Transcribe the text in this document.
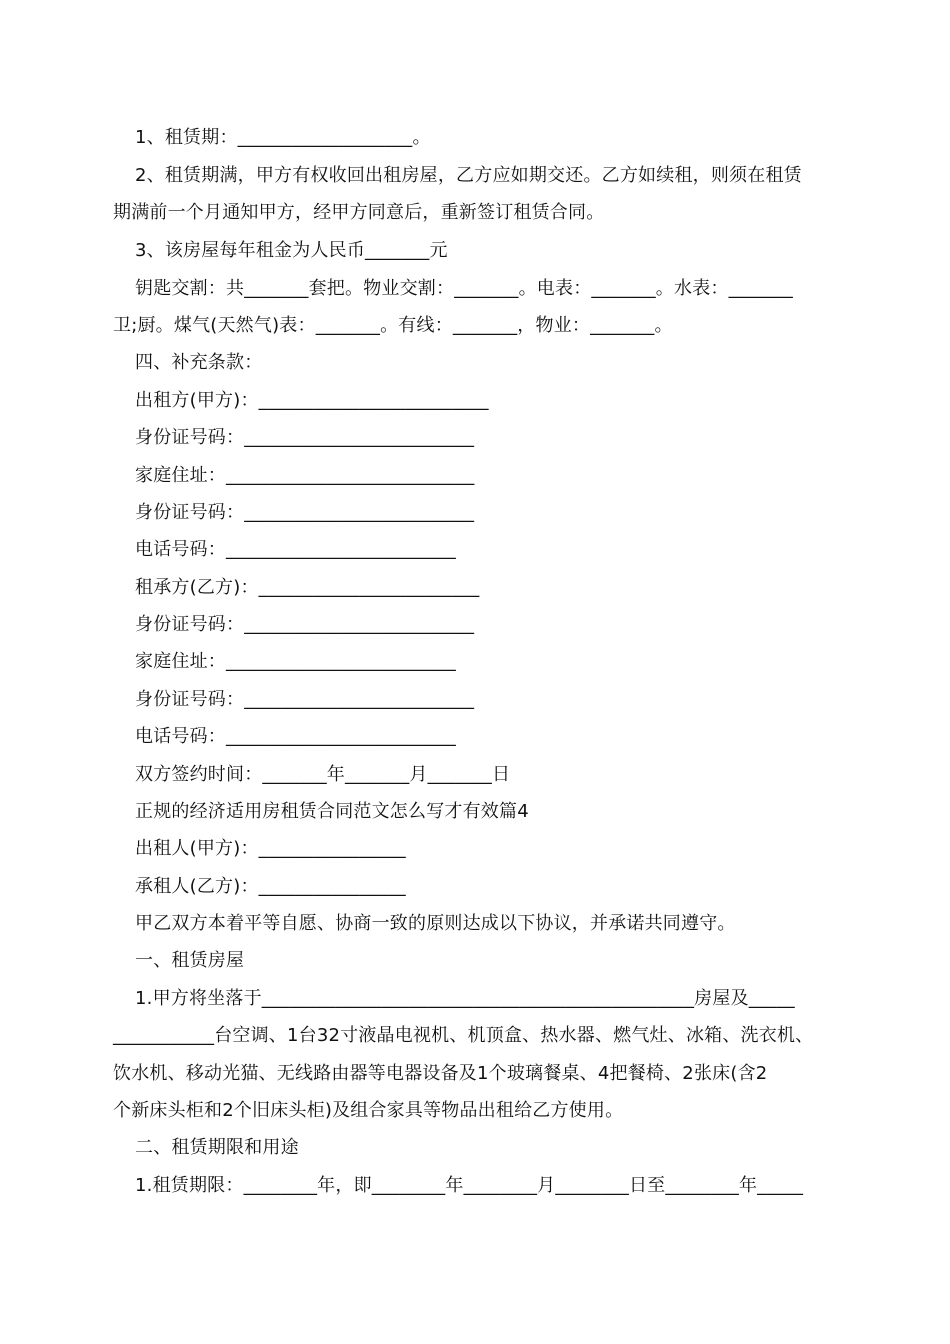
1、租赁期：___________________。
2、租赁期满，甲方有权收回出租房屋，乙方应如期交还。乙方如续租，则须在租赁
期满前一个月通知甲方，经甲方同意后，重新签订租赁合同。
3、该房屋每年租金为人民币_______元
钥匙交割：共_______套把。物业交割：_______。电表：_______。水表：_______
卫;厨。煤气(天然气)表：_______。有线：_______，物业：_______。
四、补充条款：
出租方(甲方)：_________________________
身份证号码：_________________________
家庭住址：___________________________
身份证号码：_________________________
电话号码：_________________________
租承方(乙方)：________________________
身份证号码：_________________________
家庭住址：_________________________
身份证号码：_________________________
电话号码：_________________________
双方签约时间：_______年_______月_______日
正规的经济适用房租赁合同范文怎么写才有效篇4
出租人(甲方)：________________
承租人(乙方)：________________
甲乙双方本着平等自愿、协商一致的原则达成以下协议，并承诺共同遵守。
一、租赁房屋
1.甲方将坐落于_______________________________________________房屋及_____
___________台空调、1台32寸液晶电视机、机顶盒、热水器、燃气灶、冰箱、洗衣机、
饮水机、移动光猫、无线路由器等电器设备及1个玻璃餐桌、4把餐椅、2张床(含2
个新床头柜和2个旧床头柜)及组合家具等物品出租给乙方使用。
二、租赁期限和用途
1.租赁期限：________年，即________年________月________日至________年_____
